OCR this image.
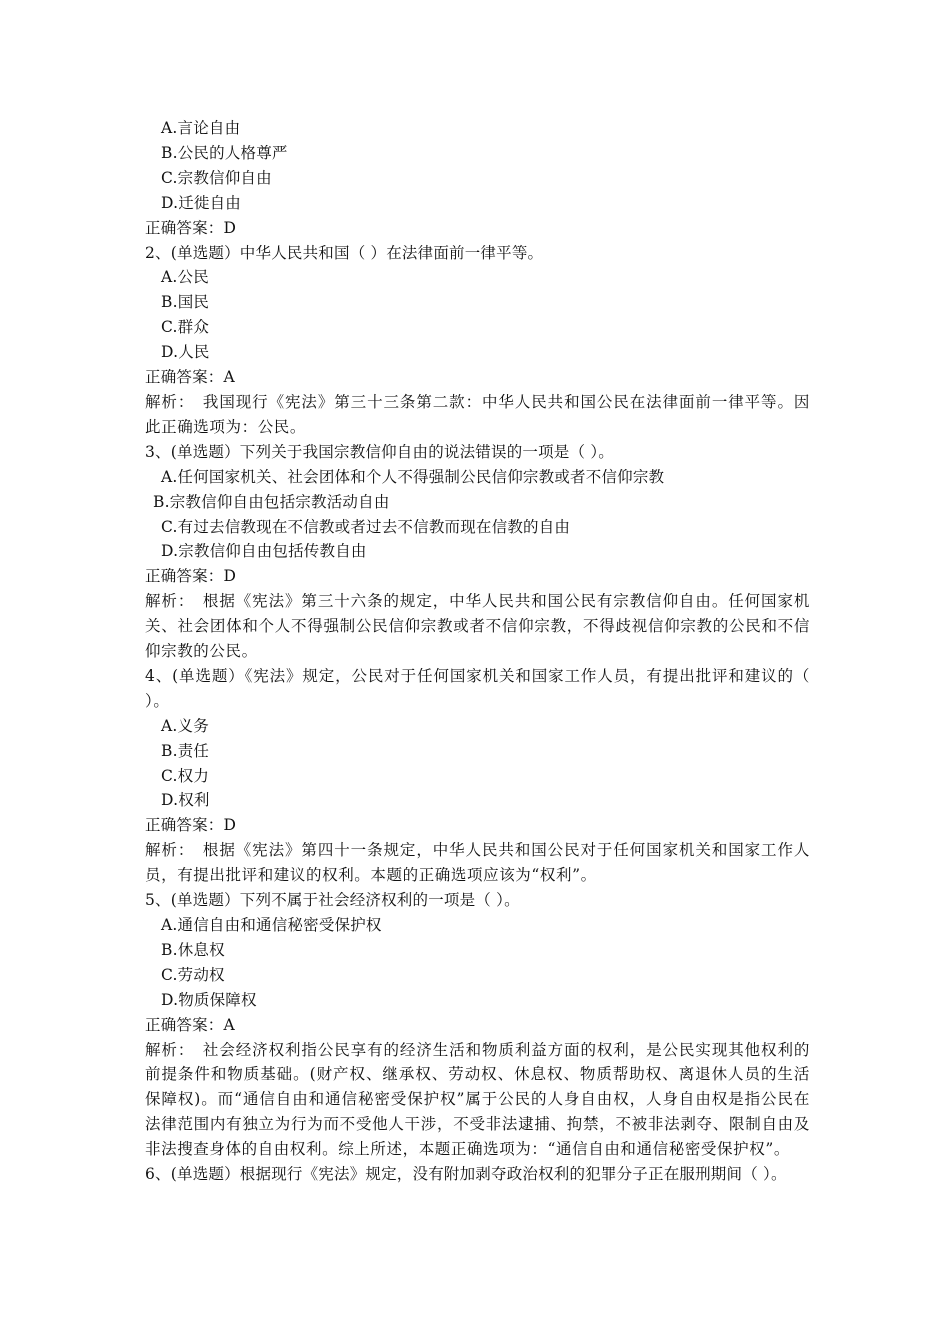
A.言论自由
B.公民的人格尊严
C.宗教信仰自由
D.迁徙自由
正确答案：D
2、(单选题）中华人民共和国（ ）在法律面前一律平等。
A.公民
B.国民
C.群众
D.人民
正确答案：A
解析：　我国现行《宪法》第三十三条第二款：中华人民共和国公民在法律面前一律平等。因此正确选项为：公民。
3、(单选题）下列关于我国宗教信仰自由的说法错误的一项是（ ）。
A.任何国家机关、社会团体和个人不得强制公民信仰宗教或者不信仰宗教
B.宗教信仰自由包括宗教活动自由
C.有过去信教现在不信教或者过去不信教而现在信教的自由
D.宗教信仰自由包括传教自由
正确答案：D
解析：　根据《宪法》第三十六条的规定，中华人民共和国公民有宗教信仰自由。任何国家机关、社会团体和个人不得强制公民信仰宗教或者不信仰宗教，不得歧视信仰宗教的公民和不信仰宗教的公民。
4、(单选题）《宪法》规定，公民对于任何国家机关和国家工作人员，有提出批评和建议的（ ）。
A.义务
B.责任
C.权力
D.权利
正确答案：D
解析：　根据《宪法》第四十一条规定，中华人民共和国公民对于任何国家机关和国家工作人员，有提出批评和建议的权利。本题的正确选项应该为“权利”。
5、(单选题）下列不属于社会经济权利的一项是（ ）。
A.通信自由和通信秘密受保护权
B.休息权
C.劳动权
D.物质保障权
正确答案：A
解析：　社会经济权利指公民享有的经济生活和物质利益方面的权利，是公民实现其他权利的前提条件和物质基础。(财产权、继承权、劳动权、休息权、物质帮助权、离退休人员的生活保障权)。而“通信自由和通信秘密受保护权”属于公民的人身自由权，人身自由权是指公民在法律范围内有独立为行为而不受他人干涉，不受非法逮捕、拘禁，不被非法剥夺、限制自由及非法搜查身体的自由权利。综上所述，本题正确选项为：“通信自由和通信秘密受保护权”。
6、(单选题）根据现行《宪法》规定，没有附加剥夺政治权利的犯罪分子正在服刑期间（ ）。
